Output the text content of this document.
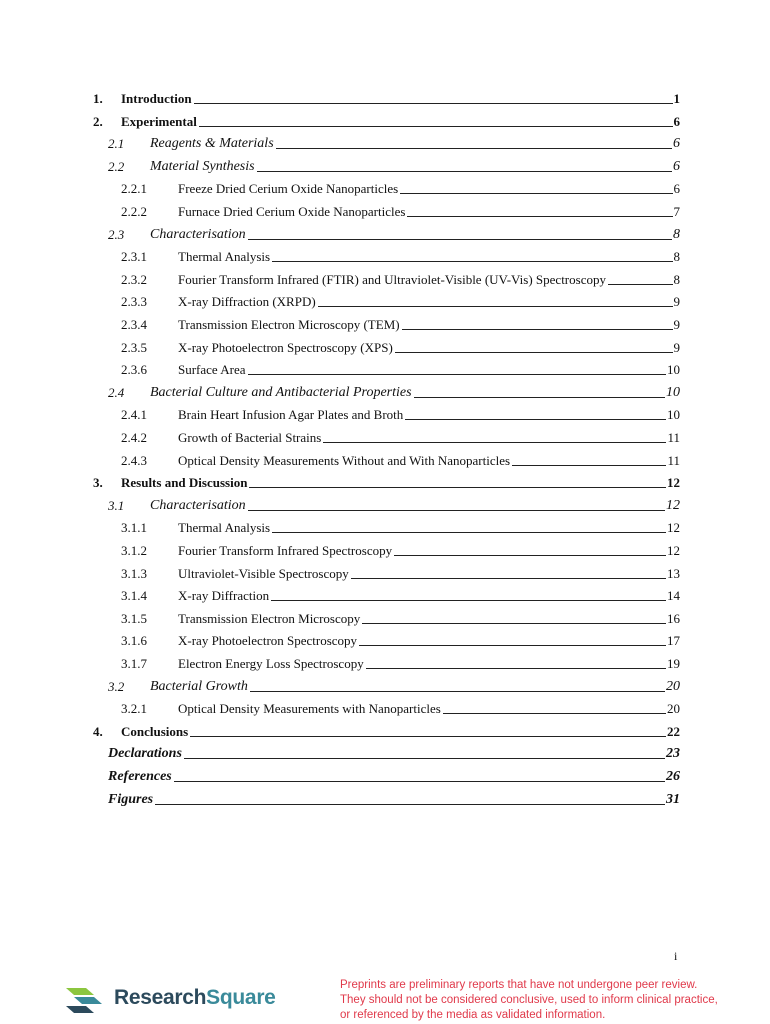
1. Introduction	1
2. Experimental	6
2.1 Reagents & Materials	6
2.2 Material Synthesis	6
2.2.1 Freeze Dried Cerium Oxide Nanoparticles	6
2.2.2 Furnace Dried Cerium Oxide Nanoparticles	7
2.3 Characterisation	8
2.3.1 Thermal Analysis	8
2.3.2 Fourier Transform Infrared (FTIR) and Ultraviolet-Visible (UV-Vis) Spectroscopy	8
2.3.3 X-ray Diffraction (XRPD)	9
2.3.4 Transmission Electron Microscopy (TEM)	9
2.3.5 X-ray Photoelectron Spectroscopy (XPS)	9
2.3.6 Surface Area	10
2.4 Bacterial Culture and Antibacterial Properties	10
2.4.1 Brain Heart Infusion Agar Plates and Broth	10
2.4.2 Growth of Bacterial Strains	11
2.4.3 Optical Density Measurements Without and With Nanoparticles	11
3. Results and Discussion	12
3.1 Characterisation	12
3.1.1 Thermal Analysis	12
3.1.2 Fourier Transform Infrared Spectroscopy	12
3.1.3 Ultraviolet-Visible Spectroscopy	13
3.1.4 X-ray Diffraction	14
3.1.5 Transmission Electron Microscopy	16
3.1.6 X-ray Photoelectron Spectroscopy	17
3.1.7 Electron Energy Loss Spectroscopy	19
3.2 Bacterial Growth	20
3.2.1 Optical Density Measurements with Nanoparticles	20
4. Conclusions	22
Declarations	23
References	26
Figures	31
i
ResearchSquare
Preprints are preliminary reports that have not undergone peer review.
They should not be considered conclusive, used to inform clinical practice,
or referenced by the media as validated information.
